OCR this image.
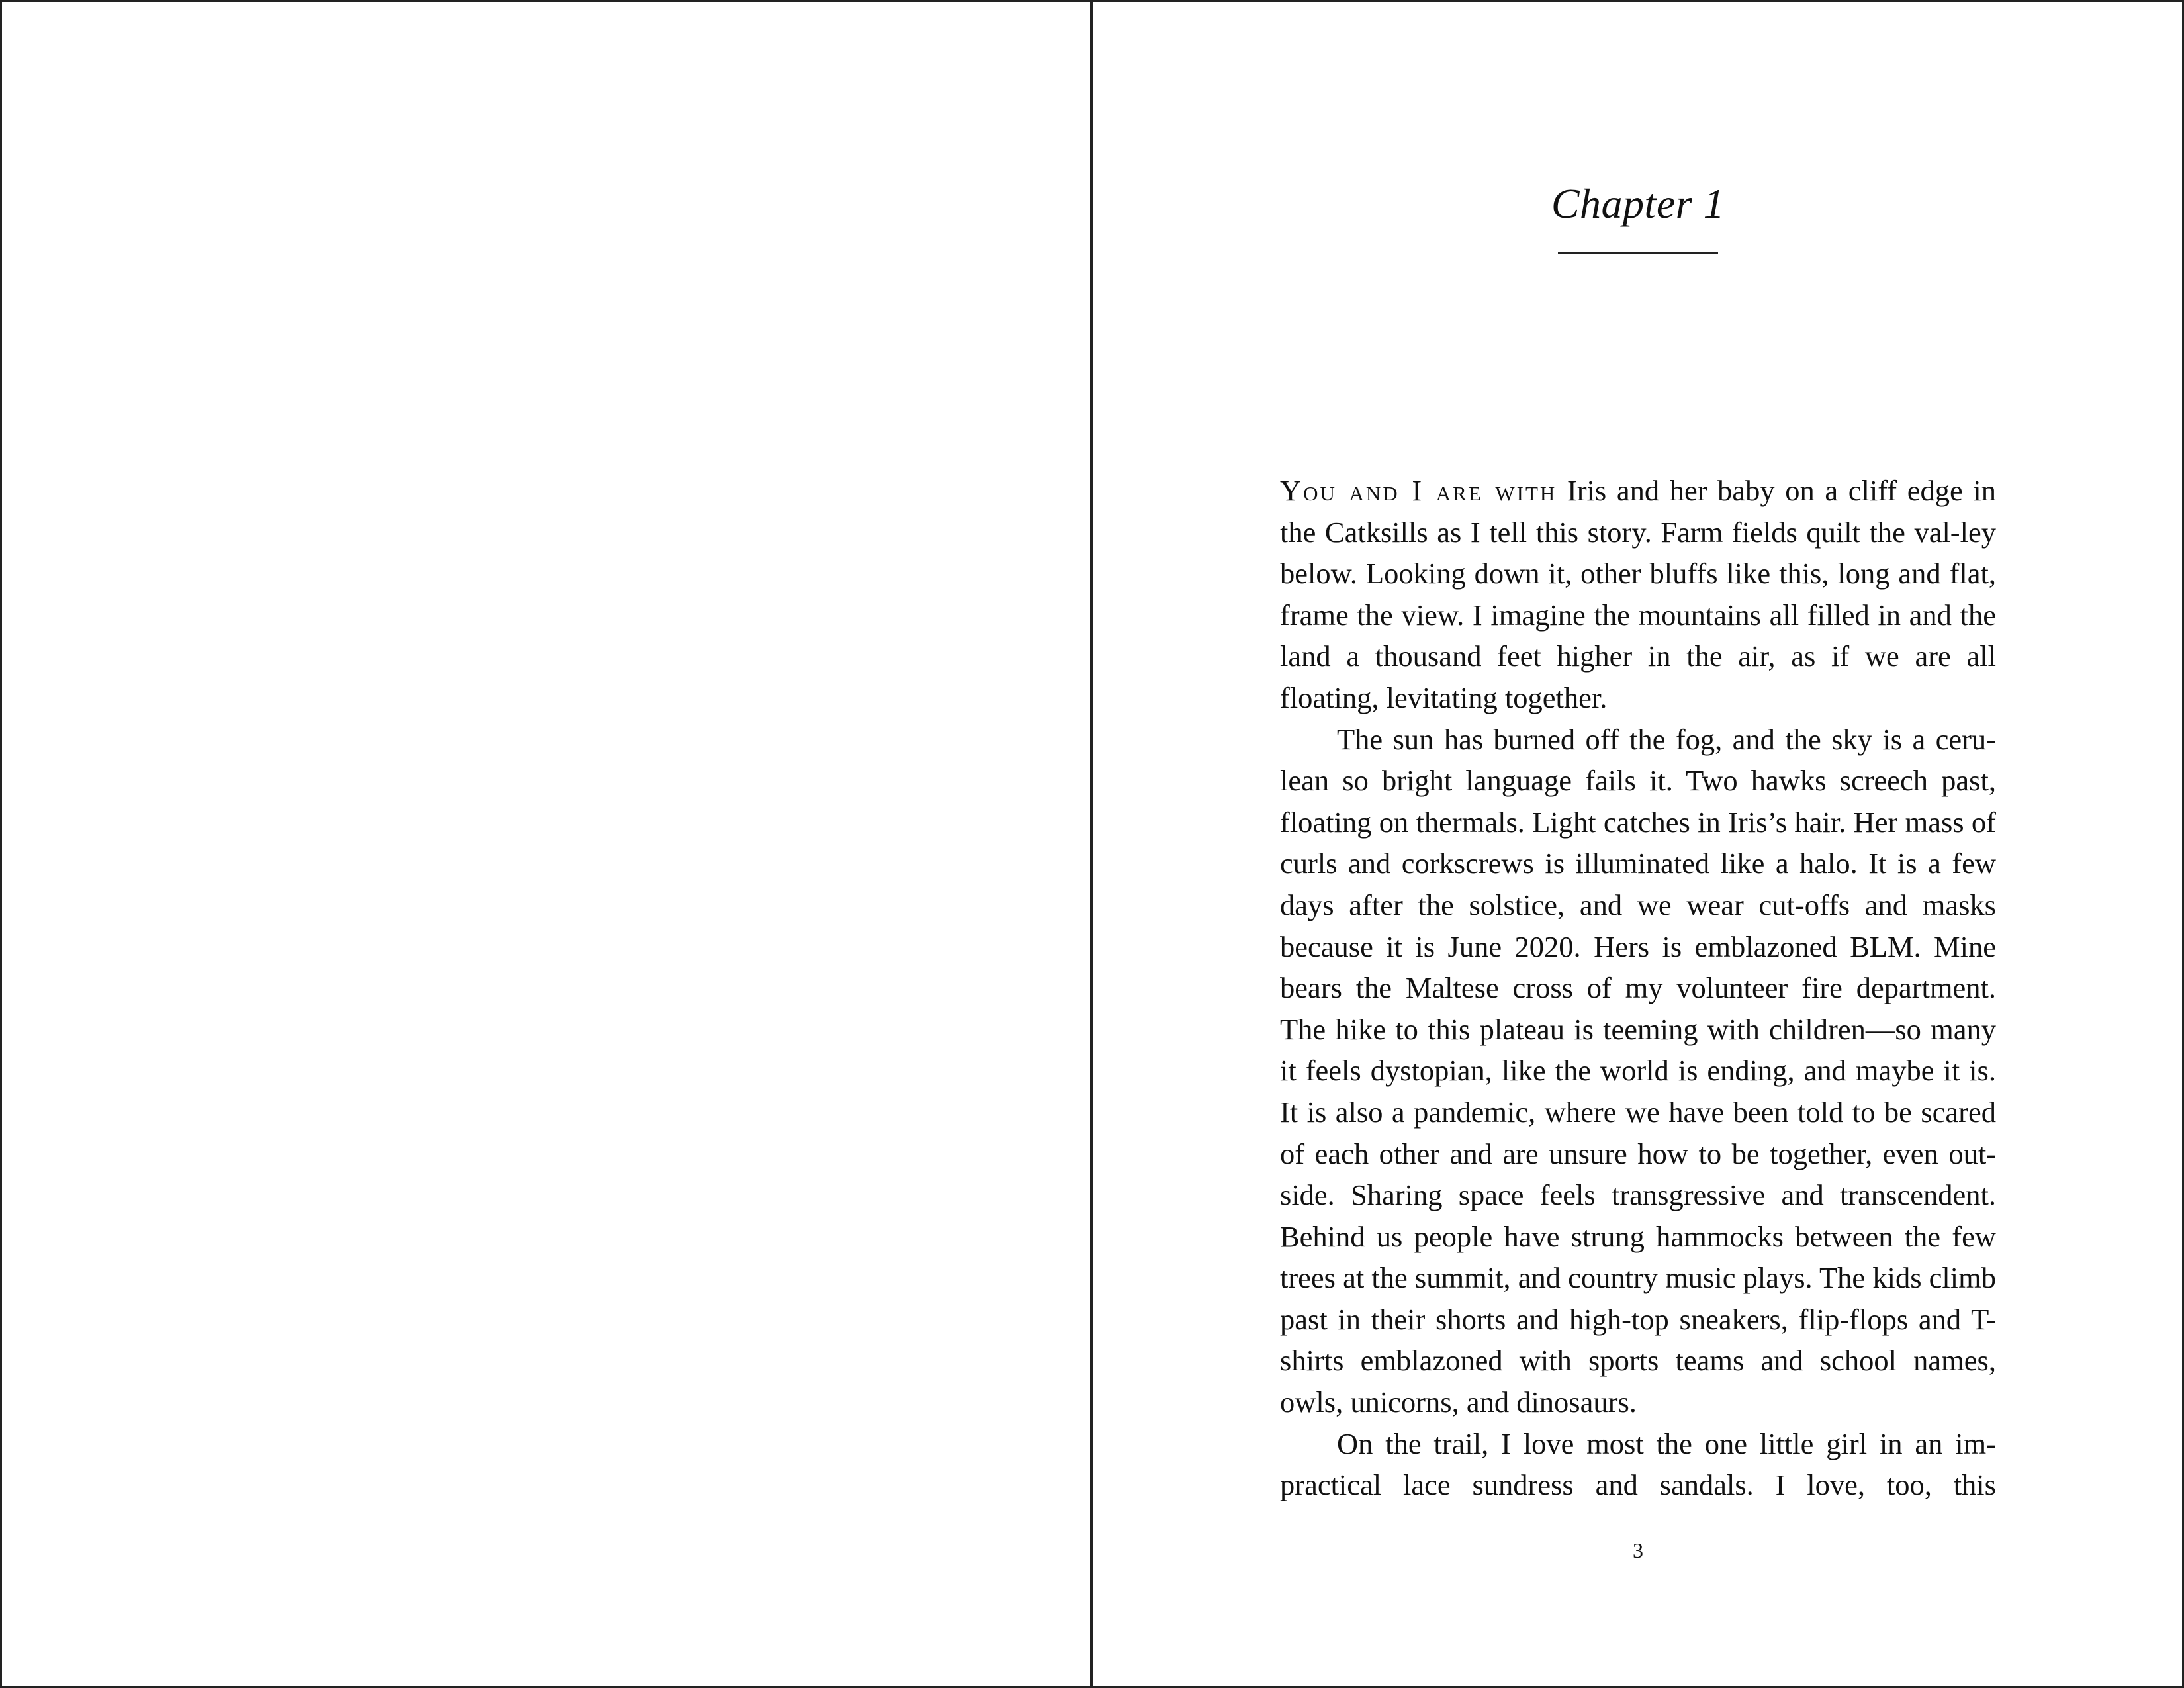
Chapter 1

You and I are with Iris and her baby on a cliff edge in the Catksills as I tell this story. Farm fields quilt the val-ley below. Looking down it, other bluffs like this, long and flat, frame the view. I imagine the mountains all filled in and the land a thousand feet higher in the air, as if we are all floating, levitating together.

The sun has burned off the fog, and the sky is a ceru-lean so bright language fails it. Two hawks screech past, floating on thermals. Light catches in Iris’s hair. Her mass of curls and corkscrews is illuminated like a halo. It is a few days after the solstice, and we wear cut-offs and masks because it is June 2020. Hers is emblazoned BLM. Mine bears the Maltese cross of my volunteer fire department. The hike to this plateau is teeming with children—so many it feels dystopian, like the world is ending, and maybe it is. It is also a pandemic, where we have been told to be scared of each other and are unsure how to be together, even out-side. Sharing space feels transgressive and transcendent. Behind us people have strung hammocks between the few trees at the summit, and country music plays. The kids climb past in their shorts and high-top sneakers, flip-flops and T-shirts emblazoned with sports teams and school names, owls, unicorns, and dinosaurs.

On the trail, I love most the one little girl in an im-practical lace sundress and sandals. I love, too, this

3
